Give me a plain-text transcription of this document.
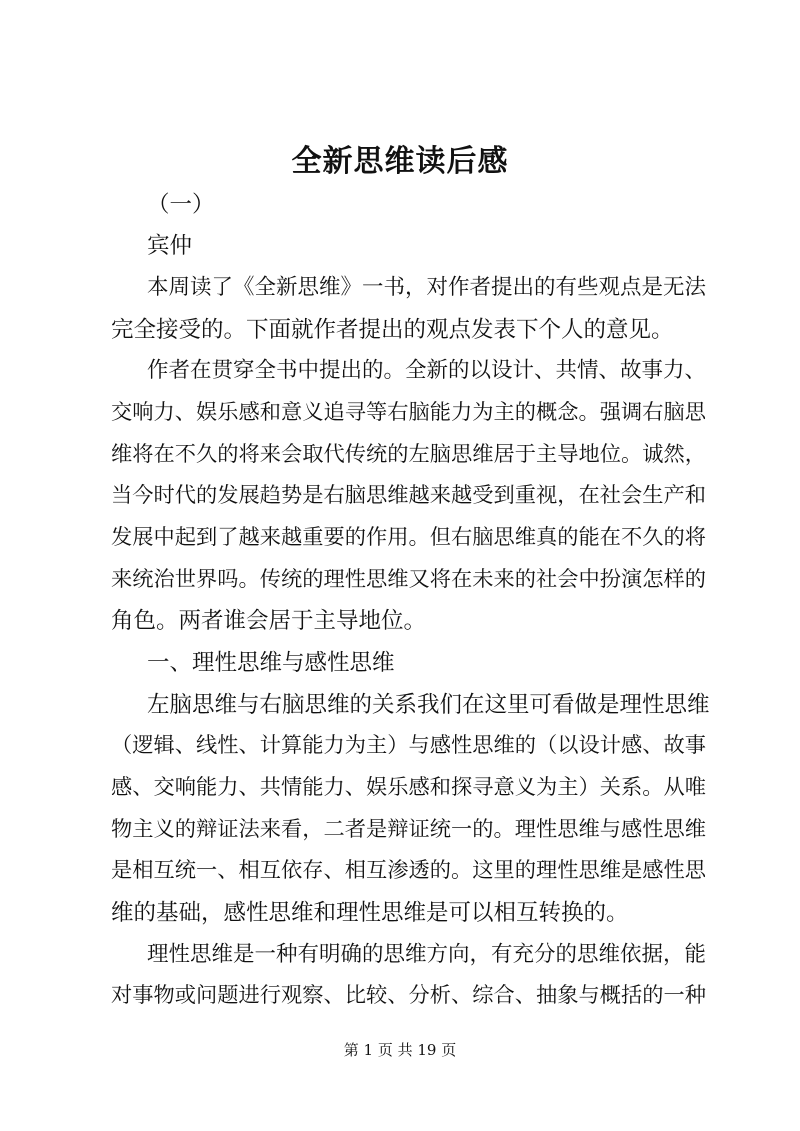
全新思维读后感
（一）
宾仲
本周读了《全新思维》一书，对作者提出的有些观点是无法
完全接受的。下面就作者提出的观点发表下个人的意见。
作者在贯穿全书中提出的。全新的以设计、共情、故事力、
交响力、娱乐感和意义追寻等右脑能力为主的概念。强调右脑思
维将在不久的将来会取代传统的左脑思维居于主导地位。诚然，
当今时代的发展趋势是右脑思维越来越受到重视，在社会生产和
发展中起到了越来越重要的作用。但右脑思维真的能在不久的将
来统治世界吗。传统的理性思维又将在未来的社会中扮演怎样的
角色。两者谁会居于主导地位。
一、理性思维与感性思维
左脑思维与右脑思维的关系我们在这里可看做是理性思维
（逻辑、线性、计算能力为主）与感性思维的（以设计感、故事
感、交响能力、共情能力、娱乐感和探寻意义为主）关系。从唯
物主义的辩证法来看，二者是辩证统一的。理性思维与感性思维
是相互统一、相互依存、相互渗透的。这里的理性思维是感性思
维的基础，感性思维和理性思维是可以相互转换的。
理性思维是一种有明确的思维方向，有充分的思维依据，能
对事物或问题进行观察、比较、分析、综合、抽象与概括的一种
第 1 页 共 19 页
